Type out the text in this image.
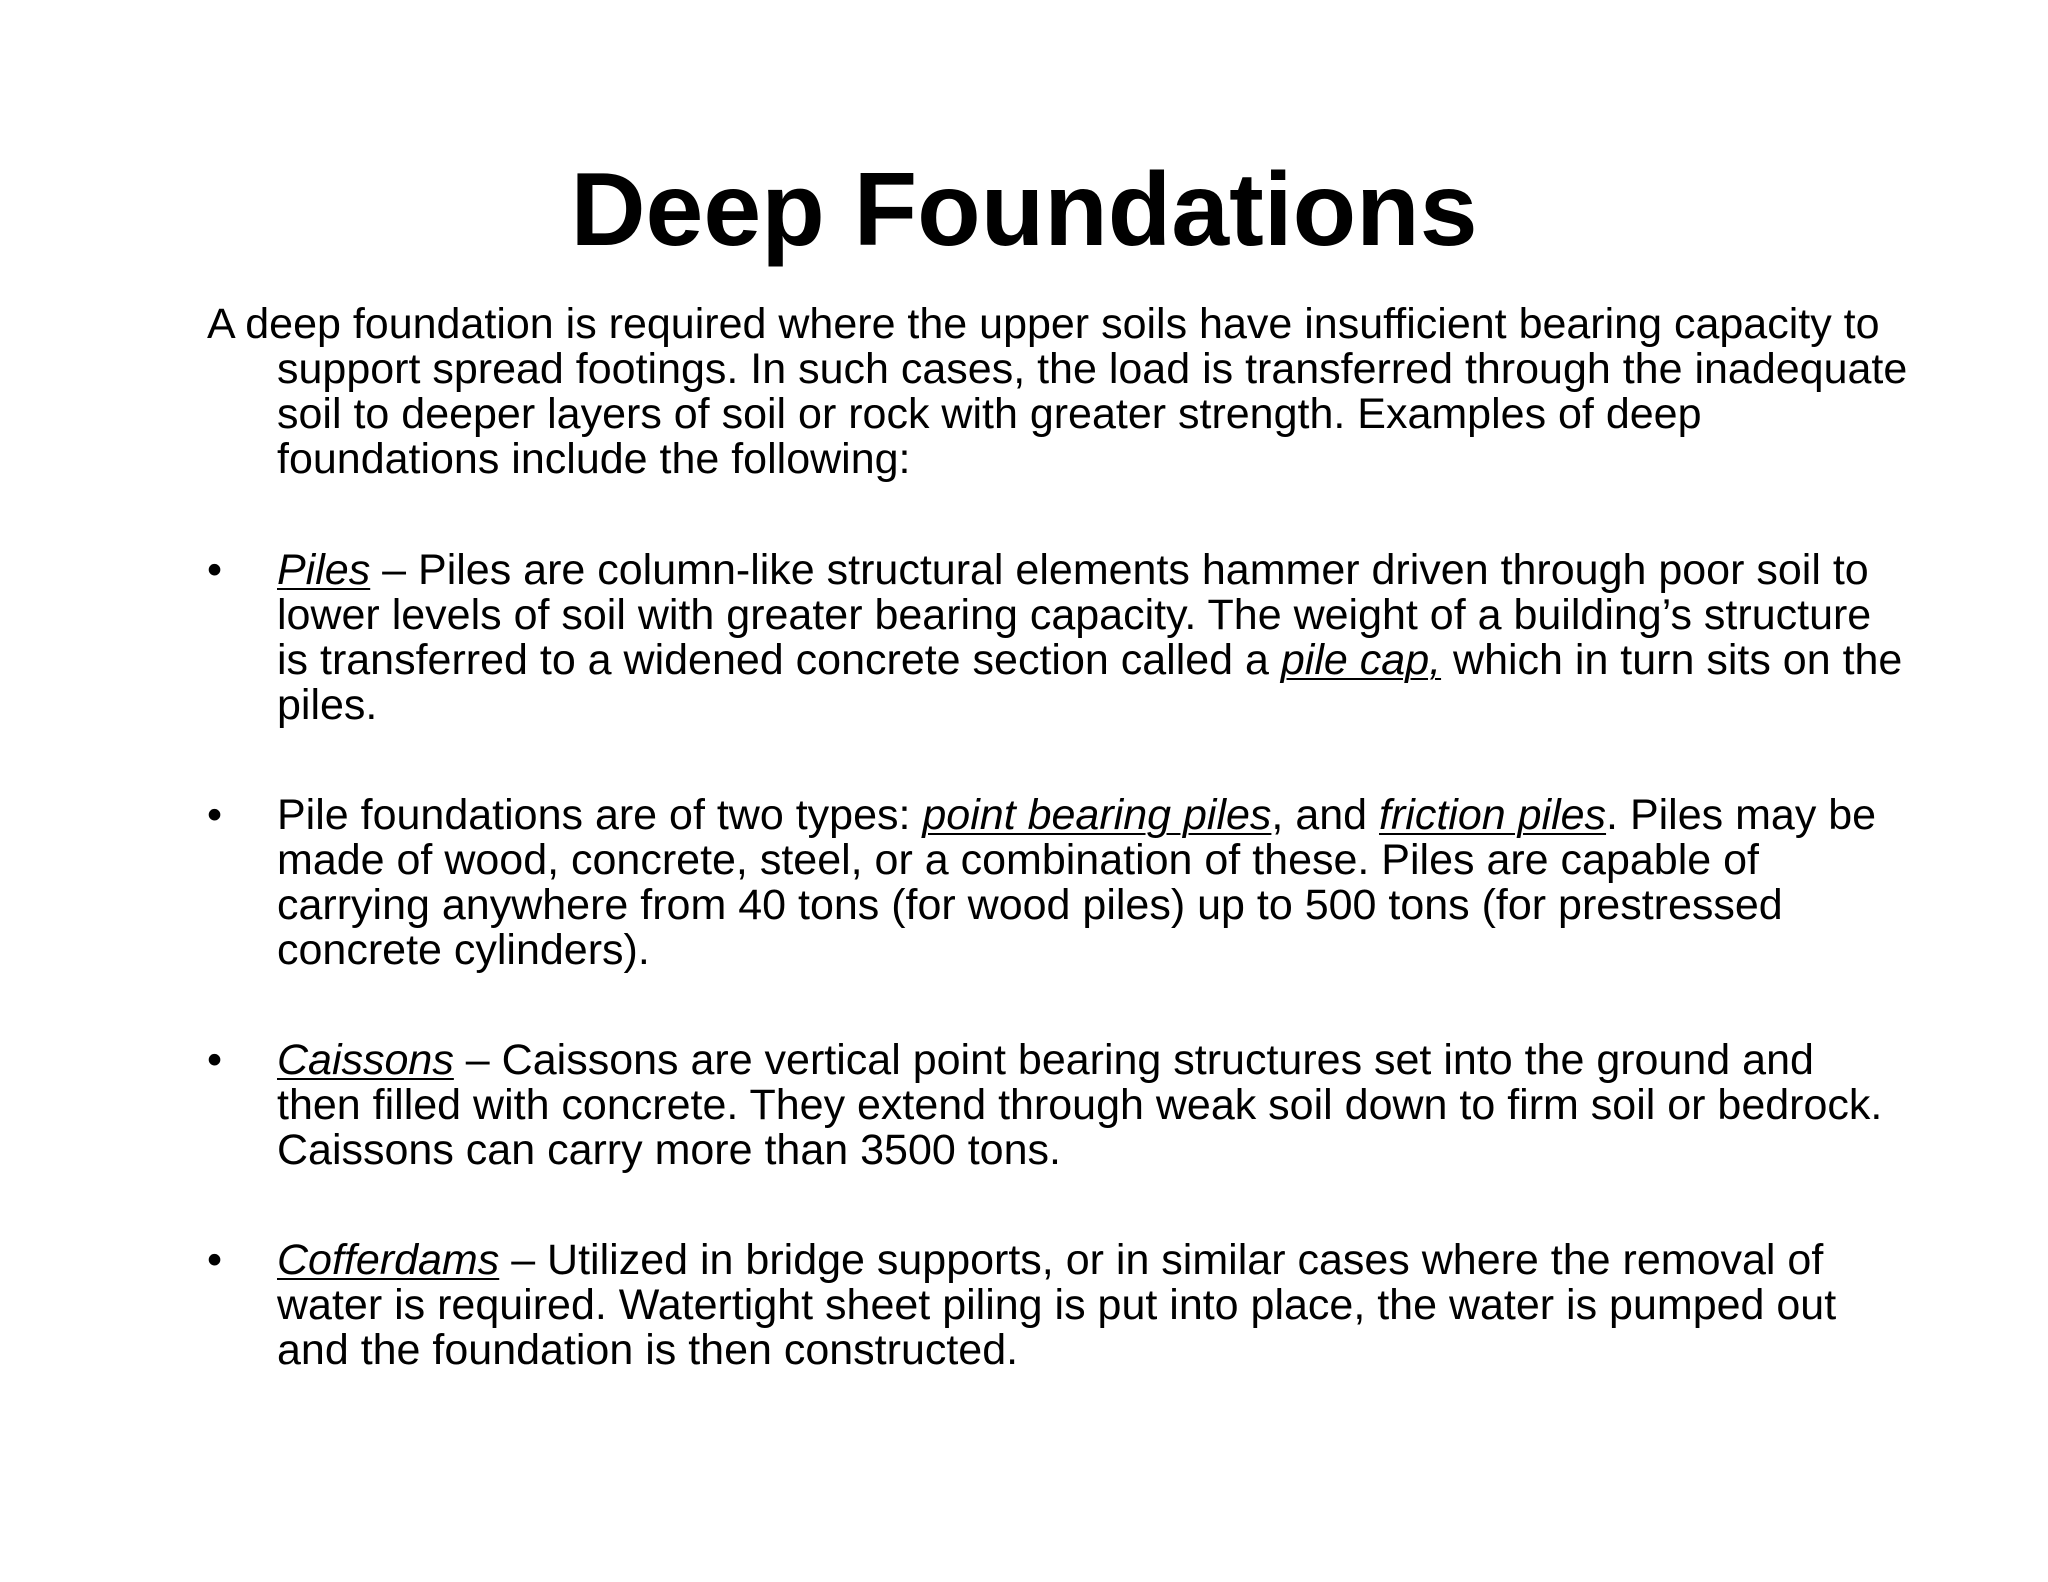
Deep Foundations

A deep foundation is required where the upper soils have insufficient bearing capacity to support spread footings. In such cases, the load is transferred through the inadequate soil to deeper layers of soil or rock with greater strength. Examples of deep foundations include the following:

•	Piles – Piles are column-like structural elements hammer driven through poor soil to lower levels of soil with greater bearing capacity. The weight of a building’s structure is transferred to a widened concrete section called a pile cap, which in turn sits on the piles.
•	Pile foundations are of two types: point bearing piles, and friction piles. Piles may be made of wood, concrete, steel, or a combination of these. Piles are capable of carrying anywhere from 40 tons (for wood piles) up to 500 tons (for prestressed concrete cylinders).
•	Caissons – Caissons are vertical point bearing structures set into the ground and then filled with concrete. They extend through weak soil down to firm soil or bedrock. Caissons can carry more than 3500 tons.
•	Cofferdams – Utilized in bridge supports, or in similar cases where the removal of water is required. Watertight sheet piling is put into place, the water is pumped out and the foundation is then constructed.
